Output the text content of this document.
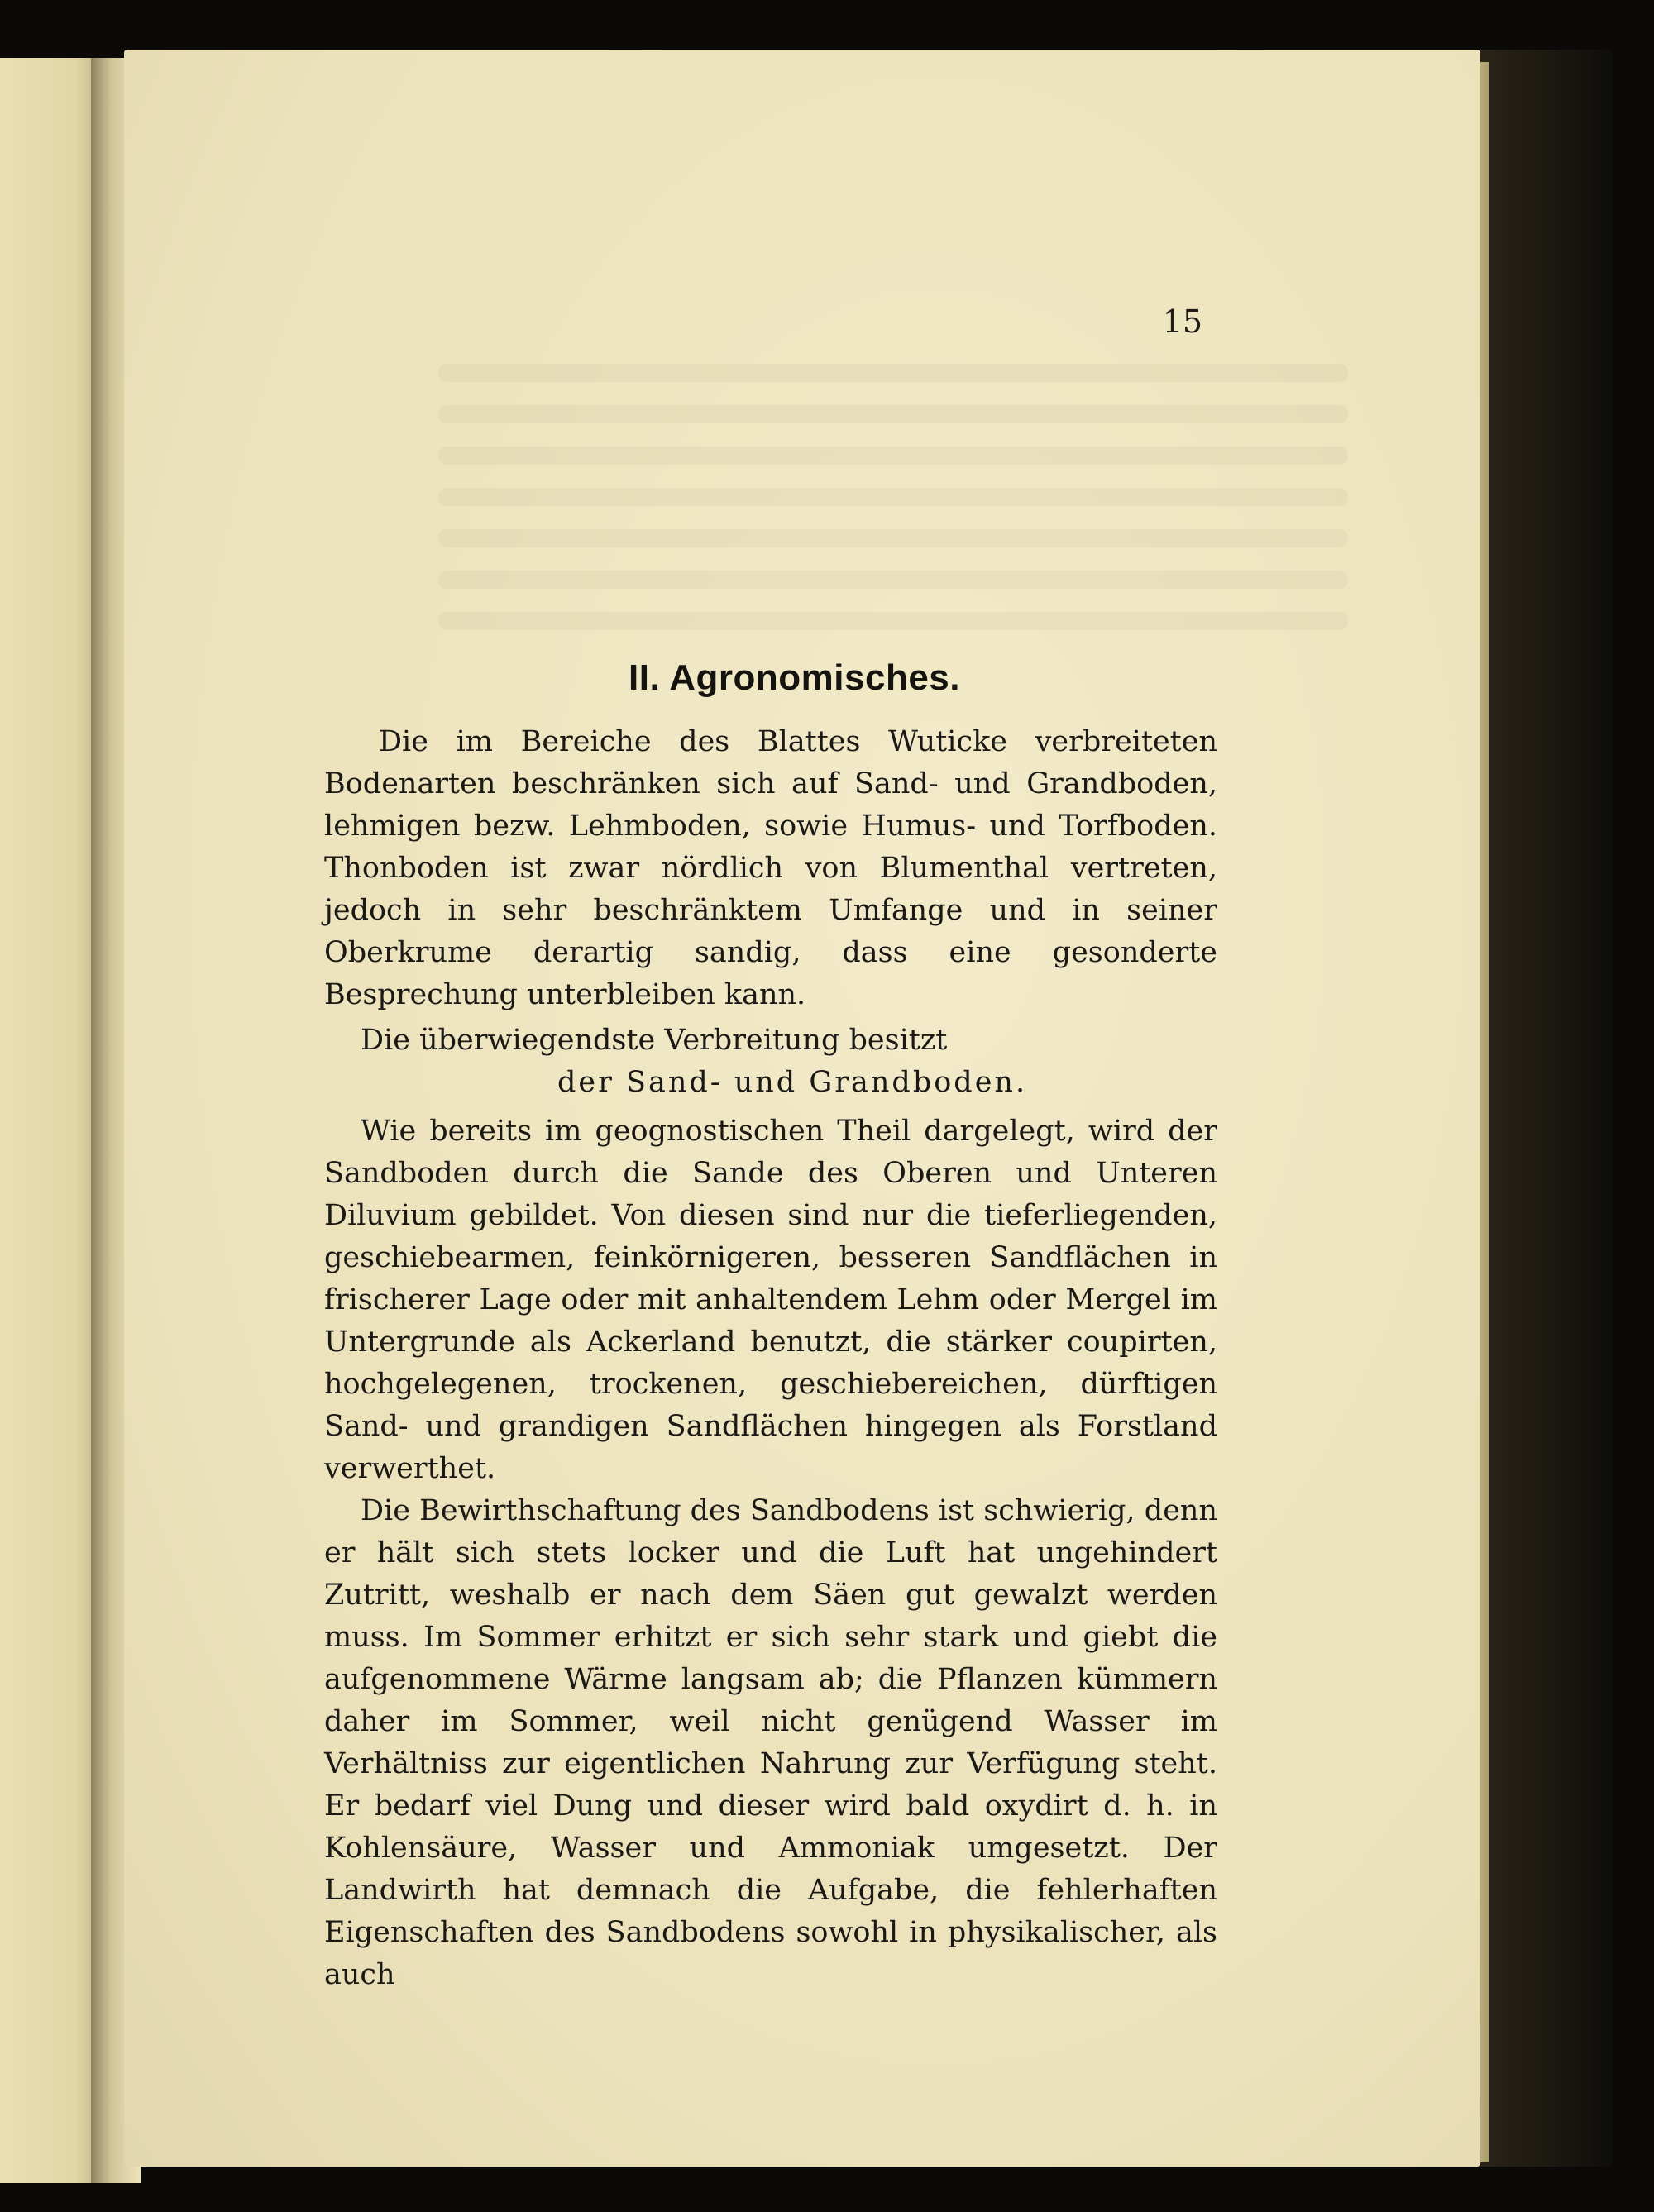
15
II. Agronomisches.

Die im Bereiche des Blattes Wuticke verbreiteten Bodenarten beschränken sich auf Sand- und Grandboden, lehmigen bezw. Lehmboden, sowie Humus- und Torfboden. Thonboden ist zwar nördlich von Blumenthal vertreten, jedoch in sehr beschränktem Umfange und in seiner Oberkrume derartig sandig, dass eine gesonderte Besprechung unterbleiben kann.

Die überwiegendste Verbreitung besitzt

der Sand- und Grandboden.

Wie bereits im geognostischen Theil dargelegt, wird der Sandboden durch die Sande des Oberen und Unteren Diluvium gebildet. Von diesen sind nur die tieferliegenden, geschiebearmen, feinkörnigeren, besseren Sandflächen in frischerer Lage oder mit anhaltendem Lehm oder Mergel im Untergrunde als Ackerland benutzt, die stärker coupirten, hochgelegenen, trockenen, geschiebereichen, dürftigen Sand- und grandigen Sandflächen hingegen als Forstland verwerthet.

Die Bewirthschaftung des Sandbodens ist schwierig, denn er hält sich stets locker und die Luft hat ungehindert Zutritt, weshalb er nach dem Säen gut gewalzt werden muss. Im Sommer erhitzt er sich sehr stark und giebt die aufgenommene Wärme langsam ab; die Pflanzen kümmern daher im Sommer, weil nicht genügend Wasser im Verhältniss zur eigentlichen Nahrung zur Verfügung steht. Er bedarf viel Dung und dieser wird bald oxydirt d. h. in Kohlensäure, Wasser und Ammoniak umgesetzt. Der Landwirth hat demnach die Aufgabe, die fehlerhaften Eigenschaften des Sandbodens sowohl in physikalischer, als auch
